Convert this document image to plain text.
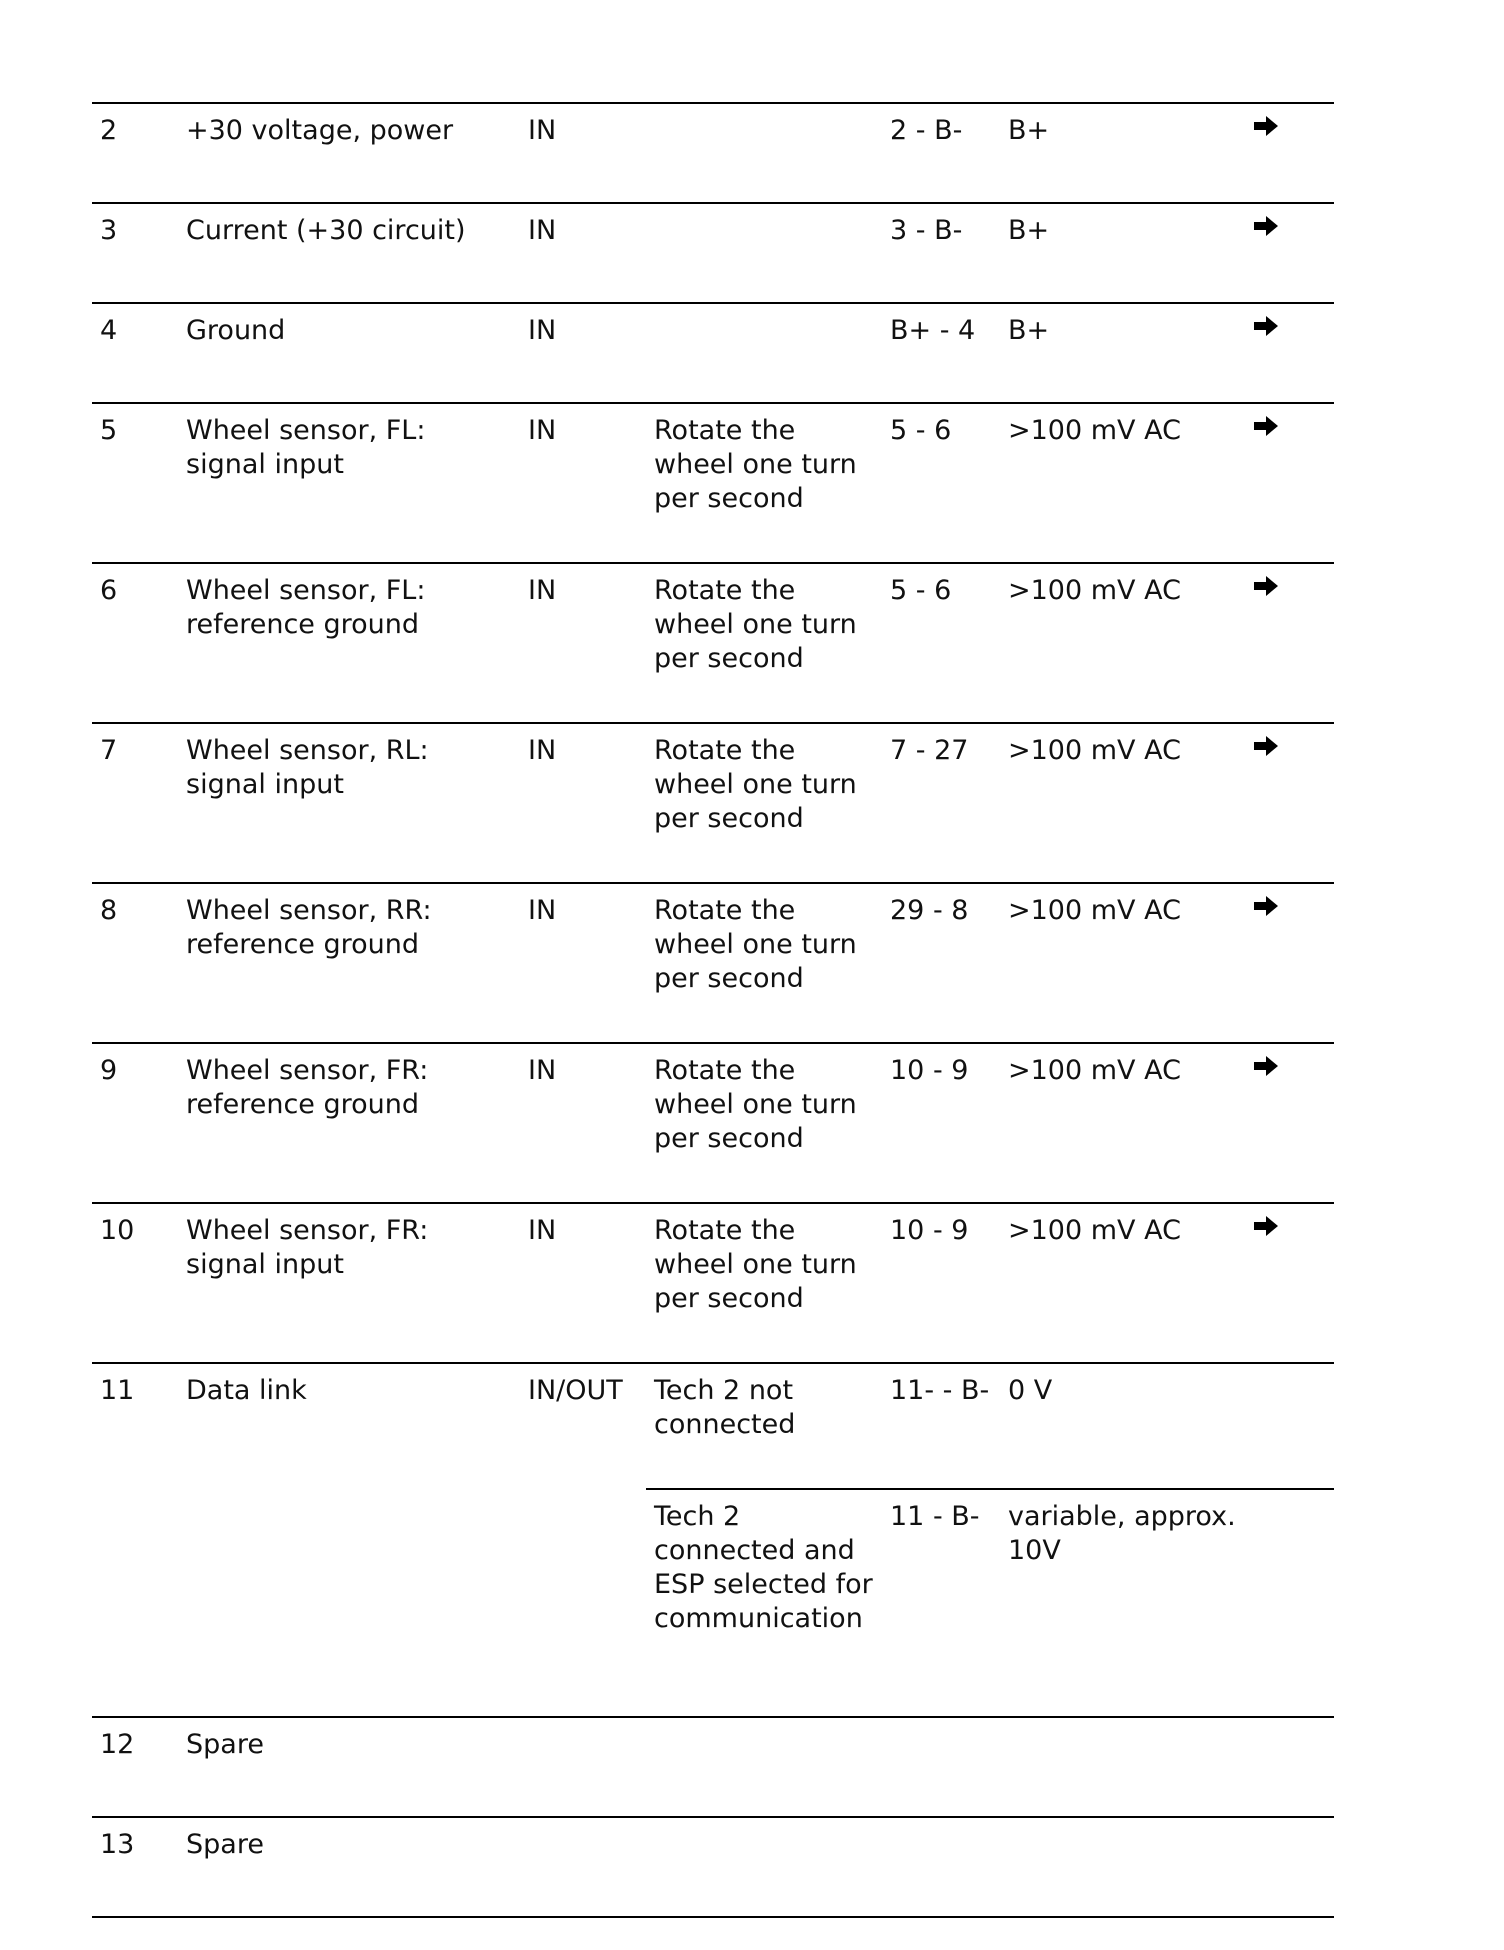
2	+30 voltage, power	IN		2 - B-	B+	

3	Current (+30 circuit)	IN		3 - B-	B+	

4	Ground	IN		B+ - 4	B+	

5	Wheel sensor, FL: signal input	IN	Rotate the wheel one turn per second	5 - 6	>100 mV AC	

6	Wheel sensor, FL: reference ground	IN	Rotate the wheel one turn per second	5 - 6	>100 mV AC	

7	Wheel sensor, RL: signal input	IN	Rotate the wheel one turn per second	7 - 27	>100 mV AC	

8	Wheel sensor, RR: reference ground	IN	Rotate the wheel one turn per second	29 - 8	>100 mV AC	

9	Wheel sensor, FR: reference ground	IN	Rotate the wheel one turn per second	10 - 9	>100 mV AC	

10	Wheel sensor, FR: signal input	IN	Rotate the wheel one turn per second	10 - 9	>100 mV AC	

11	Data link	IN/OUT	Tech 2 not connected	11- - B-	0 V	
			Tech 2 connected and ESP selected for communication	11 - B-	variable, approx. 10V	
12	Spare					
13	Spare					
